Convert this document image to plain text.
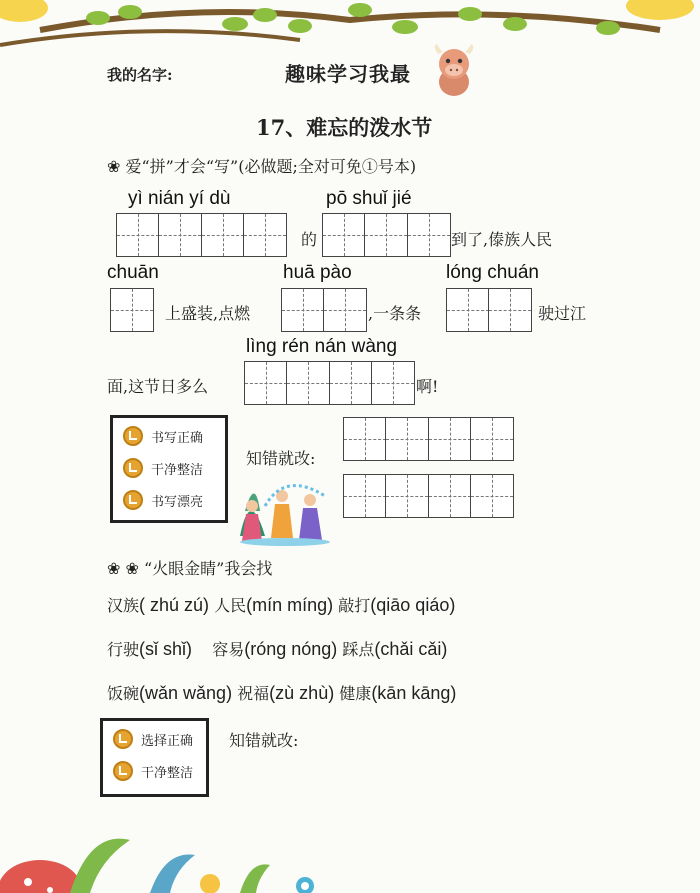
我的名字:	趣味学习我最
17、难忘的泼水节
❀ 爱“拼”才会“写”(必做题;全对可免①号本)
yì nián yí dù
的
pō shuǐ jié
到了,傣族人民
chuān
上盛装,点燃
huā pào
,一条条
lóng chuán
驶过江
lìng rén nán wàng
面,这节日多么	啊!
书写正确
干净整洁
书写漂亮
知错就改:
❀ ❀ “火眼金睛”我会找
汉族( zhú zú) 人民(mín míng) 敲打(qiāo qiáo)
行驶(sǐ shǐ) 容易(róng nóng) 踩点(chǎi cǎi)
饭碗(wǎn wǎng) 祝福(zù zhù) 健康(kān kāng)
选择正确
干净整洁
知错就改:
